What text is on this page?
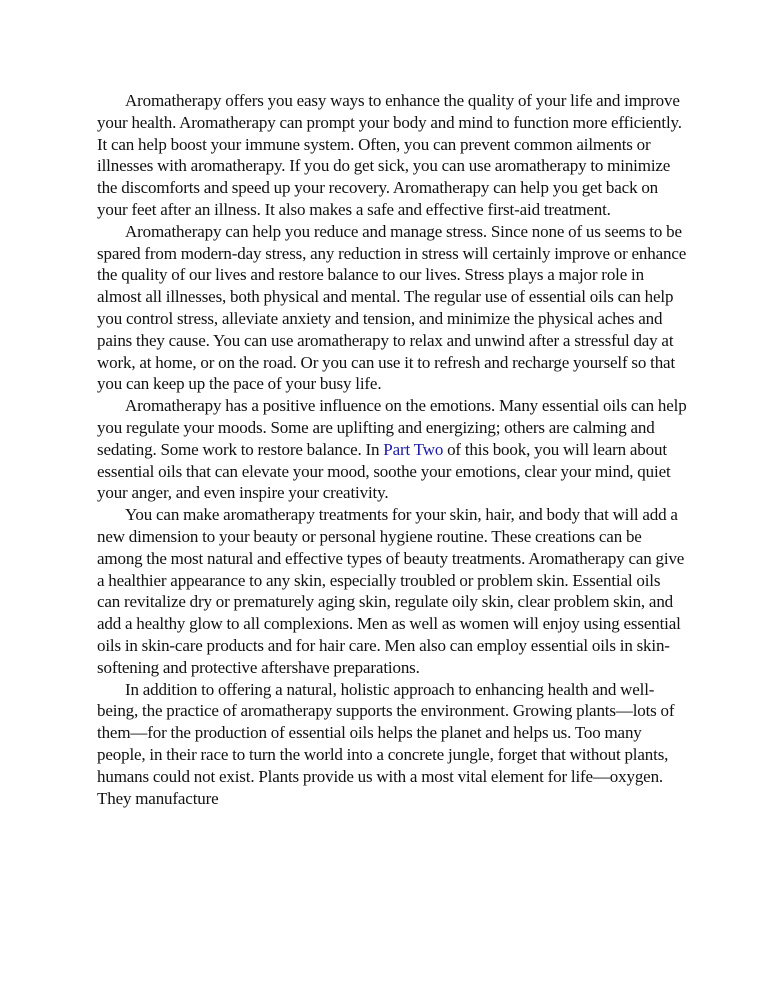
Aromatherapy offers you easy ways to enhance the quality of your life and improve your health. Aromatherapy can prompt your body and mind to function more efficiently. It can help boost your immune system. Often, you can prevent common ailments or illnesses with aromatherapy. If you do get sick, you can use aromatherapy to minimize the discomforts and speed up your recovery. Aromatherapy can help you get back on your feet after an illness. It also makes a safe and effective first-aid treatment.

Aromatherapy can help you reduce and manage stress. Since none of us seems to be spared from modern-day stress, any reduction in stress will certainly improve or enhance the quality of our lives and restore balance to our lives. Stress plays a major role in almost all illnesses, both physical and mental. The regular use of essential oils can help you control stress, alleviate anxiety and tension, and minimize the physical aches and pains they cause. You can use aromatherapy to relax and unwind after a stressful day at work, at home, or on the road. Or you can use it to refresh and recharge yourself so that you can keep up the pace of your busy life.

Aromatherapy has a positive influence on the emotions. Many essential oils can help you regulate your moods. Some are uplifting and energizing; others are calming and sedating. Some work to restore balance. In Part Two of this book, you will learn about essential oils that can elevate your mood, soothe your emotions, clear your mind, quiet your anger, and even inspire your creativity.

You can make aromatherapy treatments for your skin, hair, and body that will add a new dimension to your beauty or personal hygiene routine. These creations can be among the most natural and effective types of beauty treatments. Aromatherapy can give a healthier appearance to any skin, especially troubled or problem skin. Essential oils can revitalize dry or prematurely aging skin, regulate oily skin, clear problem skin, and add a healthy glow to all complexions. Men as well as women will enjoy using essential oils in skin-care products and for hair care. Men also can employ essential oils in skin-softening and protective aftershave preparations.

In addition to offering a natural, holistic approach to enhancing health and well-being, the practice of aromatherapy supports the environment. Growing plants—lots of them—for the production of essential oils helps the planet and helps us. Too many people, in their race to turn the world into a concrete jungle, forget that without plants, humans could not exist. Plants provide us with a most vital element for life—oxygen. They manufacture
